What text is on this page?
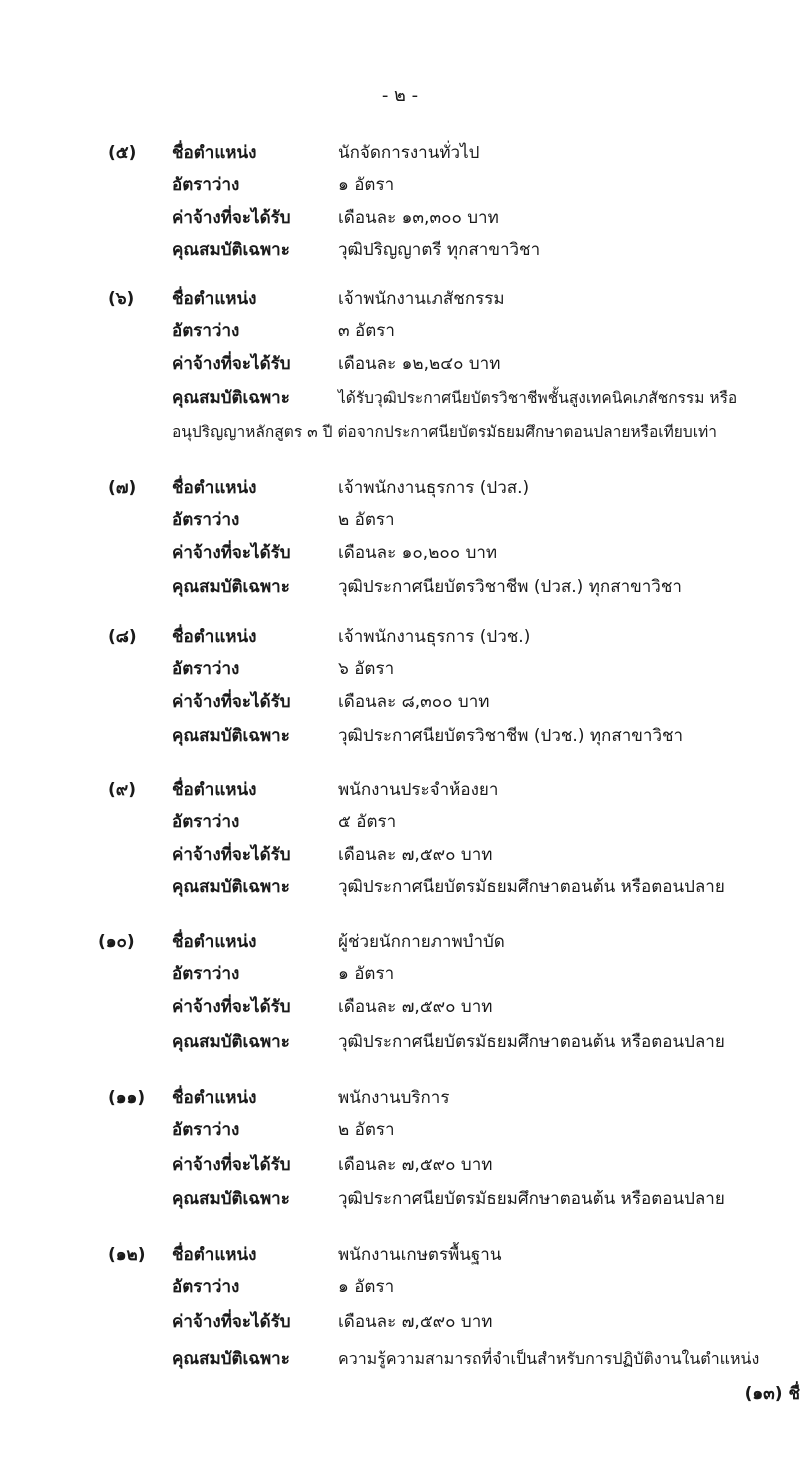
- ๒ -
(๕) ชื่อตำแหน่ง	นักจัดการงานทั่วไป
อัตราว่าง	๑ อัตรา
ค่าจ้างที่จะได้รับ	เดือนละ ๑๓,๓๐๐ บาท
คุณสมบัติเฉพาะ	วุฒิปริญญาตรี ทุกสาขาวิชา
(๖) ชื่อตำแหน่ง	เจ้าพนักงานเภสัชกรรม
อัตราว่าง	๓ อัตรา
ค่าจ้างที่จะได้รับ	เดือนละ ๑๒,๒๔๐ บาท
คุณสมบัติเฉพาะ	ได้รับวุฒิประกาศนียบัตรวิชาชีพชั้นสูงเทคนิคเภสัชกรรม หรือ
อนุปริญญาหลักสูตร ๓ ปี ต่อจากประกาศนียบัตรมัธยมศึกษาตอนปลายหรือเทียบเท่า
(๗) ชื่อตำแหน่ง	เจ้าพนักงานธุรการ (ปวส.)
อัตราว่าง	๒ อัตรา
ค่าจ้างที่จะได้รับ	เดือนละ ๑๐,๒๐๐ บาท
คุณสมบัติเฉพาะ	วุฒิประกาศนียบัตรวิชาชีพ (ปวส.) ทุกสาขาวิชา
(๘) ชื่อตำแหน่ง	เจ้าพนักงานธุรการ (ปวช.)
อัตราว่าง	๖ อัตรา
ค่าจ้างที่จะได้รับ	เดือนละ ๘,๓๐๐ บาท
คุณสมบัติเฉพาะ	วุฒิประกาศนียบัตรวิชาชีพ (ปวช.) ทุกสาขาวิชา
(๙) ชื่อตำแหน่ง	พนักงานประจำห้องยา
อัตราว่าง	๕ อัตรา
ค่าจ้างที่จะได้รับ	เดือนละ ๗,๕๙๐ บาท
คุณสมบัติเฉพาะ	วุฒิประกาศนียบัตรมัธยมศึกษาตอนต้น หรือตอนปลาย
(๑๐) ชื่อตำแหน่ง	ผู้ช่วยนักกายภาพบำบัด
อัตราว่าง	๑ อัตรา
ค่าจ้างที่จะได้รับ	เดือนละ ๗,๕๙๐ บาท
คุณสมบัติเฉพาะ	วุฒิประกาศนียบัตรมัธยมศึกษาตอนต้น หรือตอนปลาย
(๑๑) ชื่อตำแหน่ง	พนักงานบริการ
อัตราว่าง	๒ อัตรา
ค่าจ้างที่จะได้รับ	เดือนละ ๗,๕๙๐ บาท
คุณสมบัติเฉพาะ	วุฒิประกาศนียบัตรมัธยมศึกษาตอนต้น หรือตอนปลาย
(๑๒) ชื่อตำแหน่ง	พนักงานเกษตรพื้นฐาน
อัตราว่าง	๑ อัตรา
ค่าจ้างที่จะได้รับ	เดือนละ ๗,๕๙๐ บาท
คุณสมบัติเฉพาะ	ความรู้ความสามารถที่จำเป็นสำหรับการปฏิบัติงานในตำแหน่ง
(๑๓) ชื่
